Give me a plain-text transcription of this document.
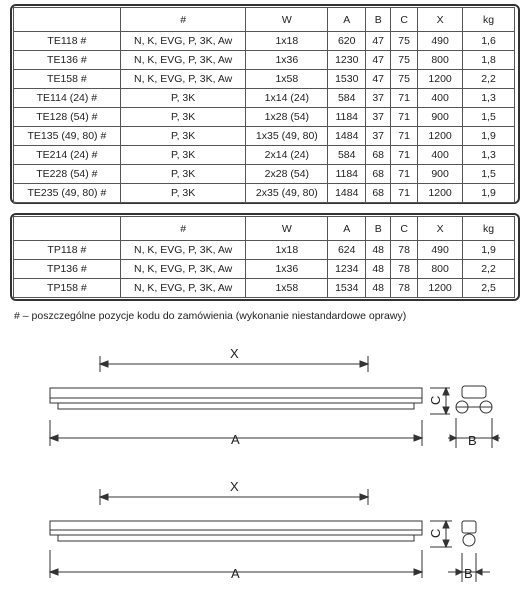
	#	W	A	B	C	X	kg
TE118 #	N, K, EVG, P, 3K, Aw	1x18	620	47	75	490	1,6
TE136 #	N, K, EVG, P, 3K, Aw	1x36	1230	47	75	800	1,8
TE158 #	N, K, EVG, P, 3K, Aw	1x58	1530	47	75	1200	2,2
TE114 (24) #	P, 3K	1x14 (24)	584	37	71	400	1,3
TE128 (54) #	P, 3K	1x28 (54)	1184	37	71	900	1,5
TE135 (49, 80) #	P, 3K	1x35 (49, 80)	1484	37	71	1200	1,9
TE214 (24) #	P, 3K	2x14 (24)	584	68	71	400	1,3
TE228 (54) #	P, 3K	2x28 (54)	1184	68	71	900	1,5
TE235 (49, 80) #	P, 3K	2x35 (49, 80)	1484	68	71	1200	1,9
	#	W	A	B	C	X	kg
TP118 #	N, K, EVG, P, 3K, Aw	1x18	624	48	78	490	1,9
TP136 #	N, K, EVG, P, 3K, Aw	1x36	1234	48	78	800	2,2
TP158 #	N, K, EVG, P, 3K, Aw	1x58	1534	48	78	1200	2,5
# – poszczególne pozycje kodu do zamówienia (wykonanie niestandardowe oprawy)
X
A
C
B
X
A
C
B
